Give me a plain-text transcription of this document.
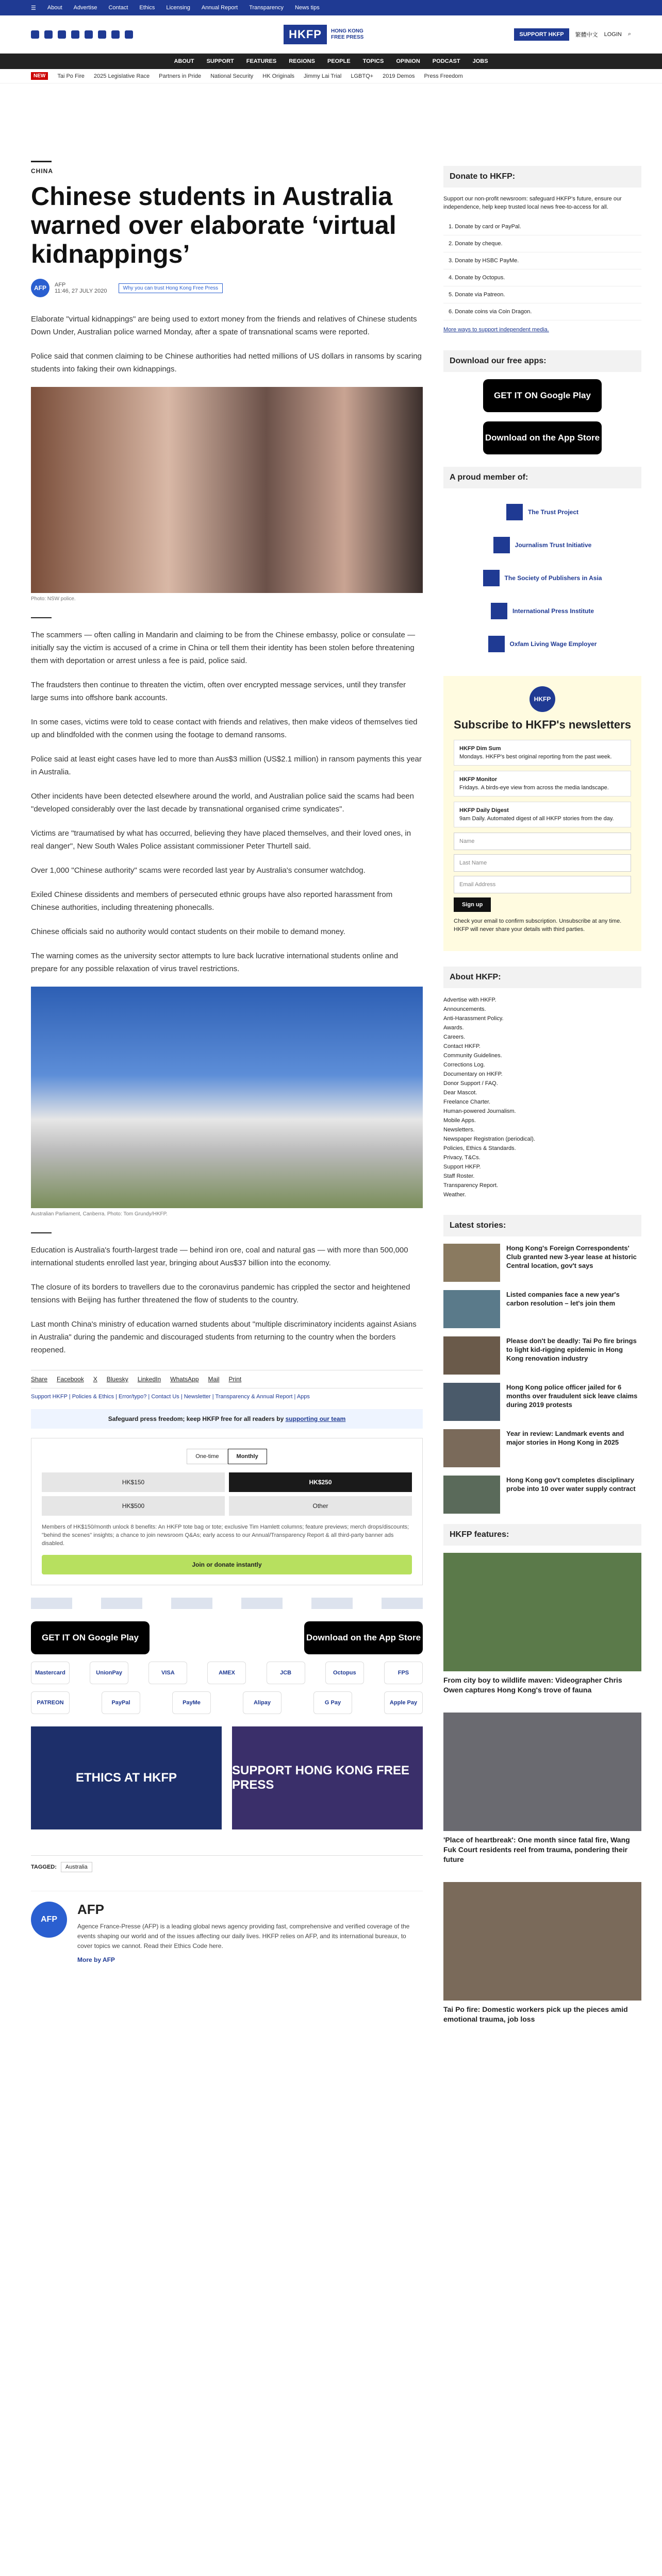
☰ About Advertise Contact Ethics Licensing Annual Report Transparency News tips
HKFP	HONG KONG
FREE PRESS	SUPPORT HKFP	繁體中文 LOGIN ⌕
ABOUT SUPPORT FEATURES REGIONS PEOPLE TOPICS OPINION PODCAST JOBS
NEW	Tai Po Fire 2025 Legislative Race Partners in Pride National Security HK Originals Jimmy Lai Trial LGBTQ+ 2019 Demos Press Freedom
CHINA
Chinese students in Australia warned over elaborate ‘virtual kidnappings’
AFP	AFP
11:46, 27 JULY 2020	Why you can trust Hong Kong Free Press

Elaborate "virtual kidnappings" are being used to extort money from the friends and relatives of Chinese students Down Under, Australian police warned Monday, after a spate of transnational scams were reported.

Police said that conmen claiming to be Chinese authorities had netted millions of US dollars in ransoms by scaring students into faking their own kidnappings.

Photo: NSW police.

The scammers — often calling in Mandarin and claiming to be from the Chinese embassy, police or consulate — initially say the victim is accused of a crime in China or tell them their identity has been stolen before threatening them with deportation or arrest unless a fee is paid, police said.

The fraudsters then continue to threaten the victim, often over encrypted message services, until they transfer large sums into offshore bank accounts.

In some cases, victims were told to cease contact with friends and relatives, then make videos of themselves tied up and blindfolded with the conmen using the footage to demand ransoms.

Police said at least eight cases have led to more than Aus$3 million (US$2.1 million) in ransom payments this year in Australia.

Other incidents have been detected elsewhere around the world, and Australian police said the scams had been "developed considerably over the last decade by transnational organised crime syndicates".

Victims are "traumatised by what has occurred, believing they have placed themselves, and their loved ones, in real danger", New South Wales Police assistant commissioner Peter Thurtell said.

Over 1,000 "Chinese authority" scams were recorded last year by Australia's consumer watchdog.

Exiled Chinese dissidents and members of persecuted ethnic groups have also reported harassment from Chinese authorities, including threatening phonecalls.

Chinese officials said no authority would contact students on their mobile to demand money.

The warning comes as the university sector attempts to lure back lucrative international students online and prepare for any possible relaxation of virus travel restrictions.

Australian Parliament, Canberra. Photo: Tom Grundy/HKFP.

Education is Australia's fourth-largest trade — behind iron ore, coal and natural gas — with more than 500,000 international students enrolled last year, bringing about Aus$37 billion into the economy.

The closure of its borders to travellers due to the coronavirus pandemic has crippled the sector and heightened tensions with Beijing has further threatened the flow of students to the country.

Last month China's ministry of education warned students about "multiple discriminatory incidents against Asians in Australia" during the pandemic and discouraged students from returning to the country when the borders reopened.

Share Facebook X Bluesky LinkedIn WhatsApp Mail Print
Support HKFP | Policies & Ethics | Error/typo? | Contact Us | Newsletter | Transparency & Annual Report | Apps
Safeguard press freedom; keep HKFP free for all readers by supporting our team
One-time	Monthly
HK$150	HK$250
HK$500	Other
Members of HK$150/month unlock 8 benefits: An HKFP tote bag or tote; exclusive Tim Hamlett columns; feature previews; merch drops/discounts; "behind the scenes" insights; a chance to join newsroom Q&As; early access to our Annual/Transparency Report & all third-party banner ads disabled.
Join or donate instantly
GET IT ON Google Play	Download on the App Store
Mastercard	UnionPay	VISA	AMEX	JCB	Octopus	FPS
PATREON	PayPal	PayMe	Alipay	G Pay	Apple Pay
ETHICS AT HKFP
SUPPORT HONG KONG FREE PRESS
TAGGED: Australia
AFP
AFP

Agence France-Presse (AFP) is a leading global news agency providing fast, comprehensive and verified coverage of the events shaping our world and of the issues affecting our daily lives. HKFP relies on AFP, and its international bureaux, to cover topics we cannot. Read their Ethics Code here.

More by AFP

Donate to HKFP:
Support our non-profit newsroom: safeguard HKFP's future, ensure our independence, help keep trusted local news free-to-access for all.
1. Donate by card or PayPal.
2. Donate by cheque.
3. Donate by HSBC PayMe.
4. Donate by Octopus.
5. Donate via Patreon.
6. Donate coins via Coin Dragon.
More ways to support independent media.
Download our free apps:
GET IT ON Google Play
Download on the App Store
A proud member of:
The Trust Project
Journalism Trust Initiative
The Society of Publishers in Asia
International Press Institute
Oxfam Living Wage Employer
HKFP
Subscribe to HKFP's newsletters
HKFP Dim Sum
Mondays. HKFP's best original reporting from the past week.
HKFP Monitor
Fridays. A birds-eye view from across the media landscape.
HKFP Daily Digest
9am Daily. Automated digest of all HKFP stories from the day.
Name
Last Name
Email Address
Sign up
Check your email to confirm subscription. Unsubscribe at any time. HKFP will never share your details with third parties.
About HKFP:
Advertise with HKFP.
Announcements.
Anti-Harassment Policy.
Awards.
Careers.
Contact HKFP.
Community Guidelines.
Corrections Log.
Documentary on HKFP.
Donor Support / FAQ.
Dear Mascot.
Freelance Charter.
Human-powered Journalism.
Mobile Apps.
Newsletters.
Newspaper Registration (periodical).
Policies, Ethics & Standards.
Privacy, T&Cs.
Support HKFP.
Staff Roster.
Transparency Report.
Weather.
Latest stories:
Hong Kong's Foreign Correspondents' Club granted new 3-year lease at historic Central location, gov't says
Listed companies face a new year's carbon resolution – let's join them
Please don't be deadly: Tai Po fire brings to light kid-rigging epidemic in Hong Kong renovation industry
Hong Kong police officer jailed for 6 months over fraudulent sick leave claims during 2019 protests
Year in review: Landmark events and major stories in Hong Kong in 2025
Hong Kong gov't completes disciplinary probe into 10 over water supply contract
HKFP features:

From city boy to wildlife maven: Videographer Chris Owen captures Hong Kong's trove of fauna

'Place of heartbreak': One month since fatal fire, Wang Fuk Court residents reel from trauma, pondering their future

Tai Po fire: Domestic workers pick up the pieces amid emotional trauma, job loss
